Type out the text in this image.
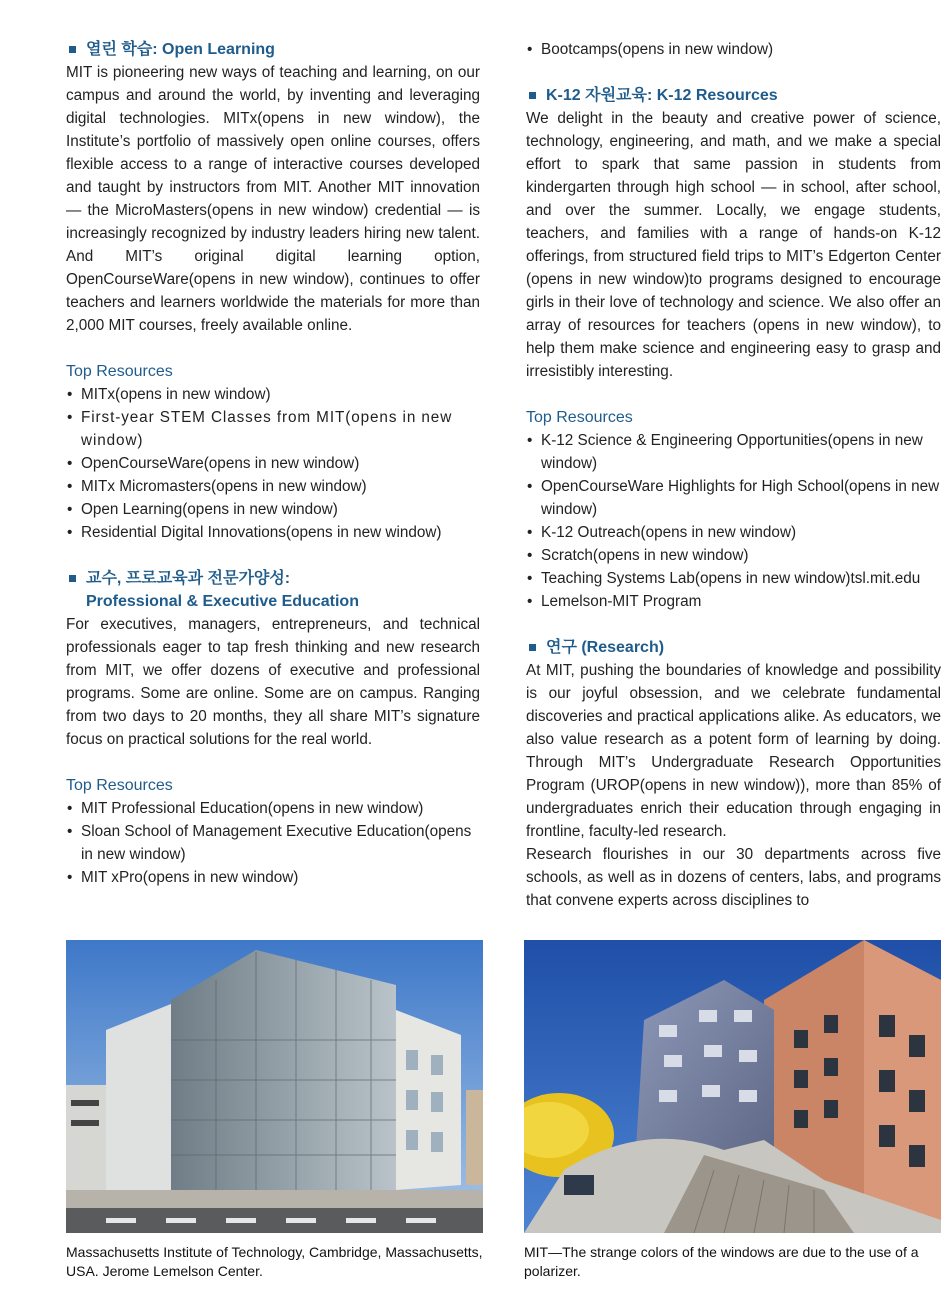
열린 학습: Open Learning

MIT is pioneering new ways of teaching and learning, on our campus and around the world, by inventing and leveraging digital technologies. MITx(opens in new window), the Institute’s portfolio of massively open online courses, offers flexible access to a range of interactive courses developed and taught by instructors from MIT. Another MIT innovation — the MicroMasters(opens in new window) credential — is increasingly recognized by industry leaders hiring new talent. And MIT’s original digital learning option, OpenCourseWare(opens in new window), continues to offer teachers and learners worldwide the materials for more than 2,000 MIT courses, freely available online.

Top Resources

• MITx(opens in new window)
• First-year STEM Classes from MIT(opens in new window)
• OpenCourseWare(opens in new window)
• MITx Micromasters(opens in new window)
• Open Learning(opens in new window)
• Residential Digital Innovations(opens in new window)
교수, 프로교육과 전문가양성:
Professional & Executive Education

For executives, managers, entrepreneurs, and technical professionals eager to tap fresh thinking and new research from MIT, we offer dozens of executive and professional programs. Some are online. Some are on campus. Ranging from two days to 20 months, they all share MIT’s signature focus on practical solutions for the real world.

Top Resources

• MIT Professional Education(opens in new window)
• Sloan School of Management Executive Education(opens in new window)
• MIT xPro(opens in new window)
• Bootcamps(opens in new window)
K-12 자원교육: K-12 Resources

We delight in the beauty and creative power of science, technology, engineering, and math, and we make a special effort to spark that same passion in students from kindergarten through high school — in school, after school, and over the summer. Locally, we engage students, teachers, and families with a range of hands-on K-12 offerings, from structured field trips to MIT’s Edgerton Center (opens in new window)to programs designed to encourage girls in their love of technology and science. We also offer an array of resources for teachers (opens in new window), to help them make science and engineering easy to grasp and irresistibly interesting.

Top Resources

• K-12 Science & Engineering Opportunities(opens in new window)
• OpenCourseWare Highlights for High School(opens in new window)
• K-12 Outreach(opens in new window)
• Scratch(opens in new window)
• Teaching Systems Lab(opens in new window)tsl.mit.edu
• Lemelson-MIT Program
연구 (Research)

At MIT, pushing the boundaries of knowledge and possibility is our joyful obsession, and we celebrate fundamental discoveries and practical applications alike. As educators, we also value research as a potent form of learning by doing. Through MIT’s Undergraduate Research Opportunities Program (UROP(opens in new window)), more than 85% of undergraduates enrich their education through engaging in frontline, faculty-led research.

Research flourishes in our 30 departments across five schools, as well as in dozens of centers, labs, and programs that convene experts across disciplines to

Massachusetts Institute of Technology, Cambridge, Massachusetts, USA. Jerome Lemelson Center.
MIT—The strange colors of the windows are due to the use of a polarizer.
